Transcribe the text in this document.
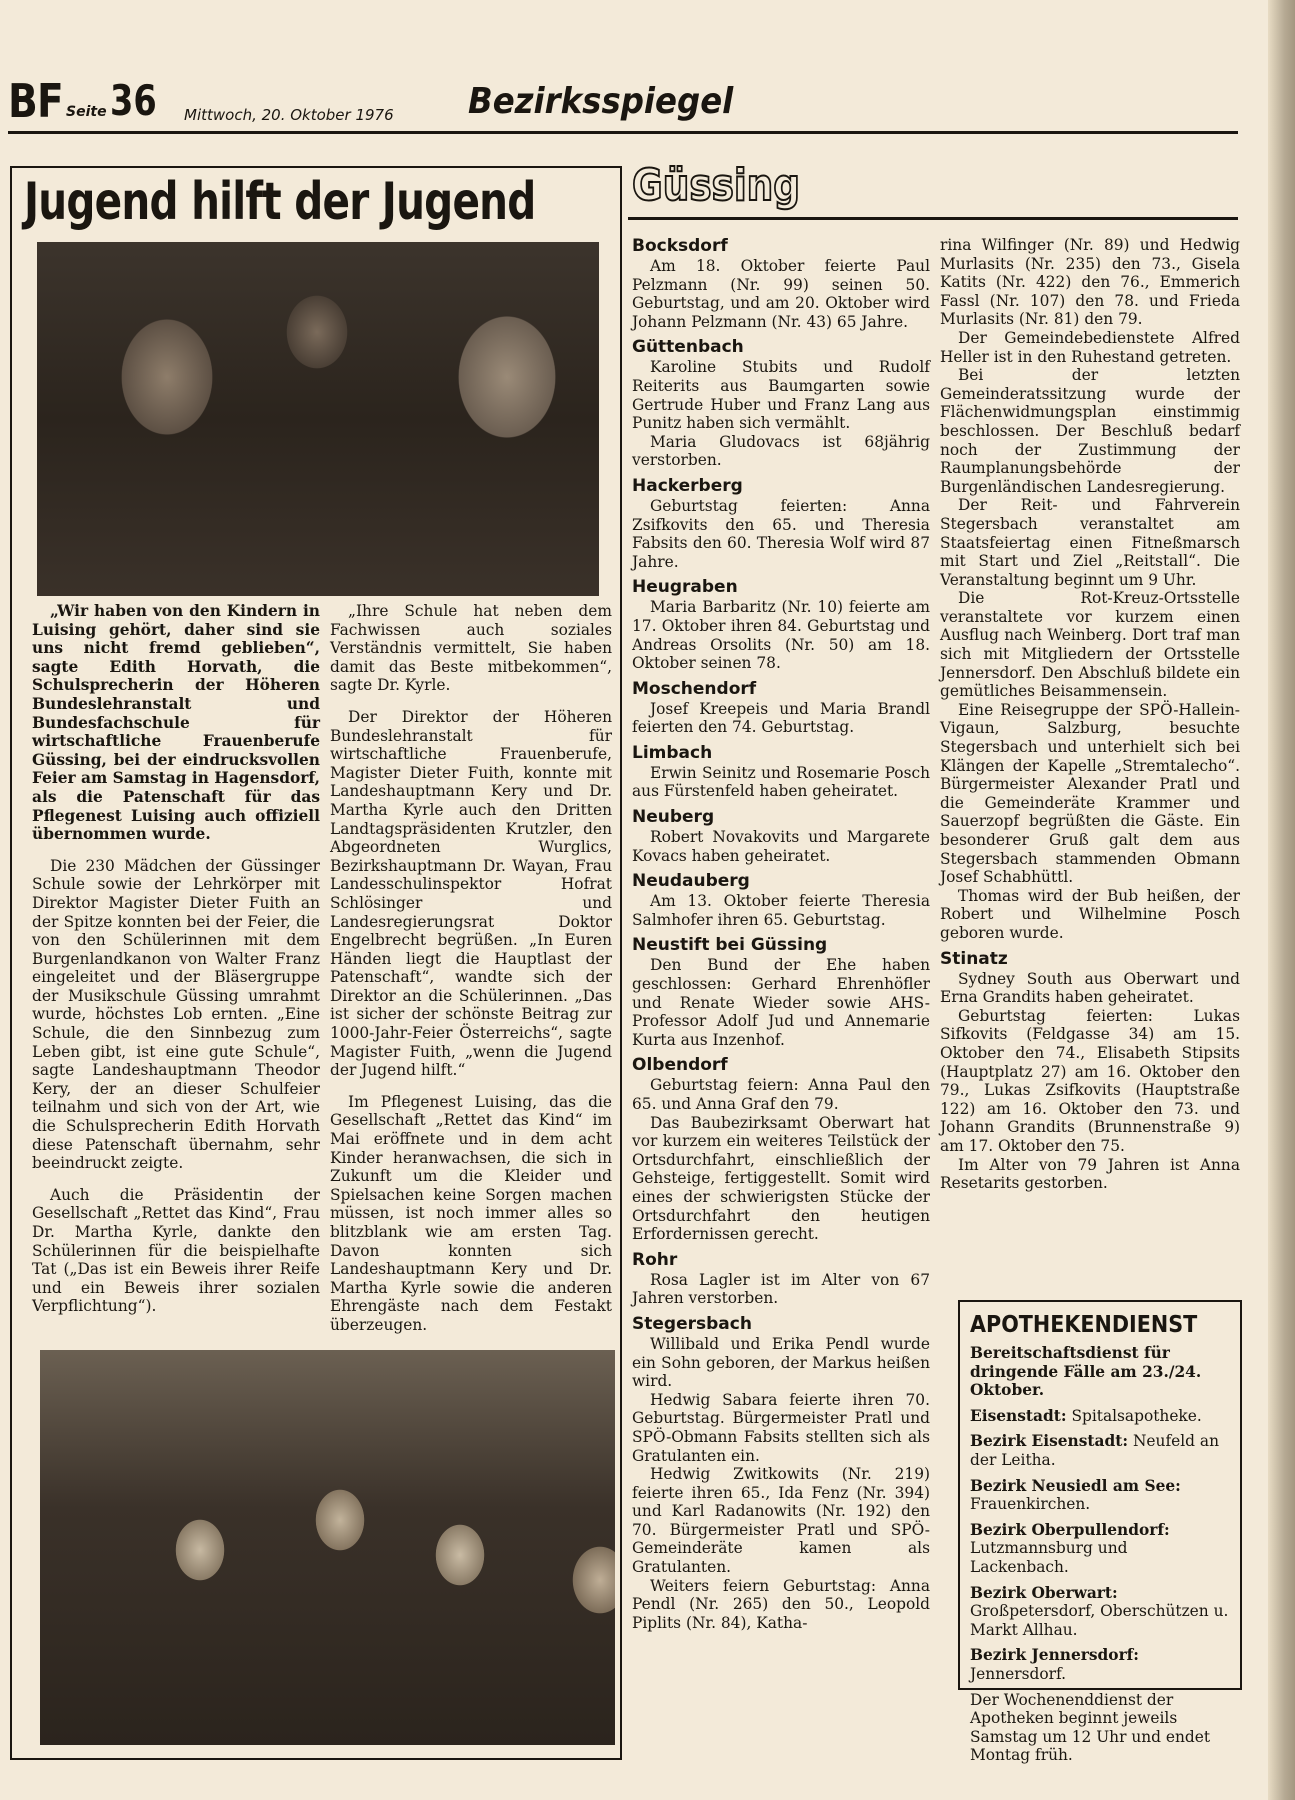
BF Seite 36 Mittwoch, 20. Oktober 1976 Bezirksspiegel
Jugend hilft der Jugend

„Wir haben von den Kindern in Luising gehört, daher sind sie uns nicht fremd geblieben“, sagte Edith Horvath, die Schulsprecherin der Höheren Bundeslehranstalt und Bundesfachschule für wirtschaftliche Frauenberufe Güssing, bei der eindrucksvollen Feier am Samstag in Hagensdorf, als die Patenschaft für das Pflegenest Luising auch offiziell übernommen wurde.

Die 230 Mädchen der Güssinger Schule sowie der Lehrkörper mit Direktor Magister Dieter Fuith an der Spitze konnten bei der Feier, die von den Schülerinnen mit dem Burgenlandkanon von Walter Franz eingeleitet und der Bläsergruppe der Musikschule Güssing umrahmt wurde, höchstes Lob ernten. „Eine Schule, die den Sinnbezug zum Leben gibt, ist eine gute Schule“, sagte Landeshauptmann Theodor Kery, der an dieser Schulfeier teilnahm und sich von der Art, wie die Schulsprecherin Edith Horvath diese Patenschaft übernahm, sehr beeindruckt zeigte.

Auch die Präsidentin der Gesellschaft „Rettet das Kind“, Frau Dr. Martha Kyrle, dankte den Schülerinnen für die beispielhafte Tat („Das ist ein Beweis ihrer Reife und ein Beweis ihrer sozialen Verpflichtung“).

„Ihre Schule hat neben dem Fachwissen auch soziales Verständnis vermittelt, Sie haben damit das Beste mitbekommen“, sagte Dr. Kyrle.

Der Direktor der Höheren Bundeslehranstalt für wirtschaftliche Frauenberufe, Magister Dieter Fuith, konnte mit Landeshauptmann Kery und Dr. Martha Kyrle auch den Dritten Landtagspräsidenten Krutzler, den Abgeordneten Wurglics, Bezirkshauptmann Dr. Wayan, Frau Landesschulinspektor Hofrat Schlösinger und Landesregierungsrat Doktor Engelbrecht begrüßen. „In Euren Händen liegt die Hauptlast der Patenschaft“, wandte sich der Direktor an die Schülerinnen. „Das ist sicher der schönste Beitrag zur 1000-Jahr-Feier Österreichs“, sagte Magister Fuith, „wenn die Jugend der Jugend hilft.“

Im Pflegenest Luising, das die Gesellschaft „Rettet das Kind“ im Mai eröffnete und in dem acht Kinder heranwachsen, die sich in Zukunft um die Kleider und Spielsachen keine Sorgen machen müssen, ist noch immer alles so blitzblank wie am ersten Tag. Davon konnten sich Landeshauptmann Kery und Dr. Martha Kyrle sowie die anderen Ehrengäste nach dem Festakt überzeugen.

Güssing
Bocksdorf

Am 18. Oktober feierte Paul Pelzmann (Nr. 99) seinen 50. Geburtstag, und am 20. Oktober wird Johann Pelzmann (Nr. 43) 65 Jahre.

Güttenbach

Karoline Stubits und Rudolf Reiterits aus Baumgarten sowie Gertrude Huber und Franz Lang aus Punitz haben sich vermählt.

Maria Gludovacs ist 68jährig verstorben.

Hackerberg

Geburtstag feierten: Anna Zsifkovits den 65. und Theresia Fabsits den 60. Theresia Wolf wird 87 Jahre.

Heugraben

Maria Barbaritz (Nr. 10) feierte am 17. Oktober ihren 84. Geburtstag und Andreas Orsolits (Nr. 50) am 18. Oktober seinen 78.

Moschendorf

Josef Kreepeis und Maria Brandl feierten den 74. Geburtstag.

Limbach

Erwin Seinitz und Rosemarie Posch aus Fürstenfeld haben geheiratet.

Neuberg

Robert Novakovits und Margarete Kovacs haben geheiratet.

Neudauberg

Am 13. Oktober feierte Theresia Salmhofer ihren 65. Geburtstag.

Neustift bei Güssing

Den Bund der Ehe haben geschlossen: Gerhard Ehrenhöfler und Renate Wieder sowie AHS-Professor Adolf Jud und Annemarie Kurta aus Inzenhof.

Olbendorf

Geburtstag feiern: Anna Paul den 65. und Anna Graf den 79.

Das Baubezirksamt Oberwart hat vor kurzem ein weiteres Teilstück der Ortsdurchfahrt, einschließlich der Gehsteige, fertiggestellt. Somit wird eines der schwierigsten Stücke der Ortsdurchfahrt den heutigen Erfordernissen gerecht.

Rohr

Rosa Lagler ist im Alter von 67 Jahren verstorben.

Stegersbach

Willibald und Erika Pendl wurde ein Sohn geboren, der Markus heißen wird.

Hedwig Sabara feierte ihren 70. Geburtstag. Bürgermeister Pratl und SPÖ-Obmann Fabsits stellten sich als Gratulanten ein.

Hedwig Zwitkowits (Nr. 219) feierte ihren 65., Ida Fenz (Nr. 394) und Karl Radanowits (Nr. 192) den 70. Bürgermeister Pratl und SPÖ-Gemeinderäte kamen als Gratulanten.

Weiters feiern Geburtstag: Anna Pendl (Nr. 265) den 50., Leopold Piplits (Nr. 84), Katha-

rina Wilfinger (Nr. 89) und Hedwig Murlasits (Nr. 235) den 73., Gisela Katits (Nr. 422) den 76., Emmerich Fassl (Nr. 107) den 78. und Frieda Murlasits (Nr. 81) den 79.

Der Gemeindebedienstete Alfred Heller ist in den Ruhestand getreten.

Bei der letzten Gemeinderatssitzung wurde der Flächenwidmungsplan einstimmig beschlossen. Der Beschluß bedarf noch der Zustimmung der Raumplanungsbehörde der Burgenländischen Landesregierung.

Der Reit- und Fahrverein Stegersbach veranstaltet am Staatsfeiertag einen Fitneßmarsch mit Start und Ziel „Reitstall“. Die Veranstaltung beginnt um 9 Uhr.

Die Rot-Kreuz-Ortsstelle veranstaltete vor kurzem einen Ausflug nach Weinberg. Dort traf man sich mit Mitgliedern der Ortsstelle Jennersdorf. Den Abschluß bildete ein gemütliches Beisammensein.

Eine Reisegruppe der SPÖ-Hallein-Vigaun, Salzburg, besuchte Stegersbach und unterhielt sich bei Klängen der Kapelle „Stremtalecho“. Bürgermeister Alexander Pratl und die Gemeinderäte Krammer und Sauerzopf begrüßten die Gäste. Ein besonderer Gruß galt dem aus Stegersbach stammenden Obmann Josef Schabhüttl.

Thomas wird der Bub heißen, der Robert und Wilhelmine Posch geboren wurde.

Stinatz

Sydney South aus Oberwart und Erna Grandits haben geheiratet.

Geburtstag feierten: Lukas Sifkovits (Feldgasse 34) am 15. Oktober den 74., Elisabeth Stipsits (Hauptplatz 27) am 16. Oktober den 79., Lukas Zsifkovits (Hauptstraße 122) am 16. Oktober den 73. und Johann Grandits (Brunnenstraße 9) am 17. Oktober den 75.

Im Alter von 79 Jahren ist Anna Resetarits gestorben.

APOTHEKENDIENST

Bereitschaftsdienst für dringende Fälle am 23./24. Oktober.

Eisenstadt: Spitalsapotheke.

Bezirk Eisenstadt: Neufeld an der Leitha.

Bezirk Neusiedl am See: Frauenkirchen.

Bezirk Oberpullendorf: Lutzmannsburg und Lackenbach.

Bezirk Oberwart: Großpetersdorf, Oberschützen u. Markt Allhau.

Bezirk Jennersdorf: Jennersdorf.

Der Wochenenddienst der Apotheken beginnt jeweils Samstag um 12 Uhr und endet Montag früh.
